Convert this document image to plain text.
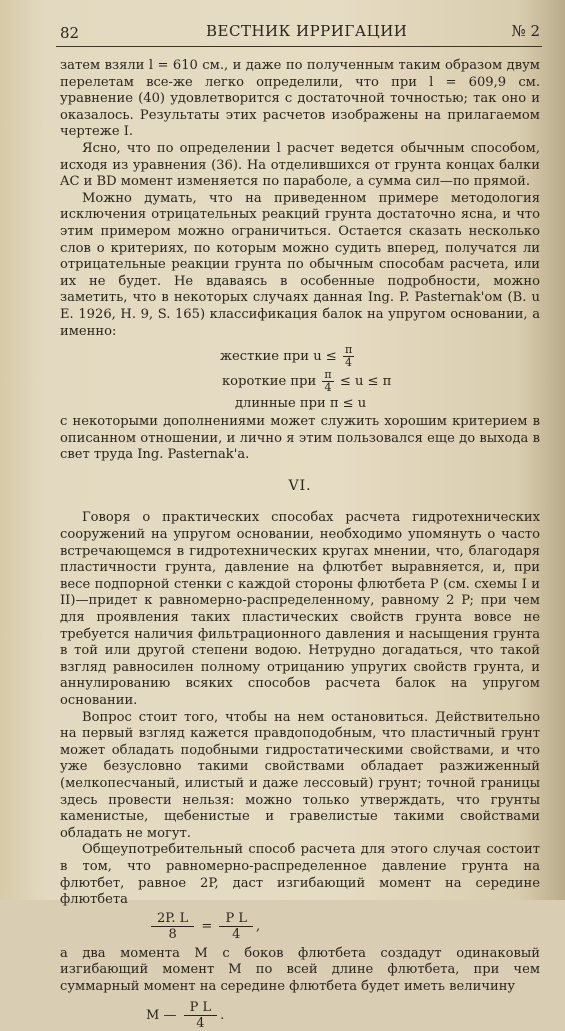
82	ВЕСТНИК ИРРИГАЦИИ	№ 2

затем взяли l = 610 см., и даже по полученным таким образом двум перелетам все-же легко определили, что при l = 609,9 см. уравнение (40) удовлетворится с достаточной точностью; так оно и оказалось. Результаты этих расчетов изображены на прилагаемом чертеже I.

Ясно, что по определении l расчет ведется обычным способом, исходя из уравнения (36). На отделившихся от грунта концах балки AC и BD момент изменяется по параболе, а сумма сил—по прямой.

Можно думать, что на приведенном примере методология исключения отрицательных реакций грунта достаточно ясна, и что этим примером можно ограничиться. Остается сказать несколько слов о критериях, по которым можно судить вперед, получатся ли отрицательные реакции грунта по обычным способам расчета, или их не будет. Не вдаваясь в особенные подробности, можно заметить, что в некоторых случаях данная Ing. P. Pasternak'ом (B. u E. 1926, H. 9, S. 165) классификация балок на упругом основании, а именно:

жесткие при $u \le \frac{\pi}{4}$
короткие при $\frac{\pi}{4} \le u \le \pi$
длинные при π ≤ u

с некоторыми дополнениями может служить хорошим критерием в описанном отношении, и лично я этим пользовался еще до выхода в свет труда Ing. Pasternak'a.

VI.

Говоря о практических способах расчета гидротехнических сооружений на упругом основании, необходимо упомянуть о часто встречающемся в гидротехнических кругах мнении, что, благодаря пластичности грунта, давление на флютбет выравняется, и, при весе подпорной стенки с каждой стороны флютбета P (см. схемы I и II)—придет к равномерно-распределенному, равному 2 P; при чем для проявления таких пластических свойств грунта вовсе не требуется наличия фильтрационного давления и насыщения грунта в той или другой степени водою. Нетрудно догадаться, что такой взгляд равносилен полному отрицанию упругих свойств грунта, и аннулированию всяких способов расчета балок на упругом основании.

Вопрос стоит того, чтобы на нем остановиться. Действительно на первый взгляд кажется правдоподобным, что пластичный грунт может обладать подобными гидростатическими свойствами, и что уже безусловно такими свойствами обладает разжиженный (мелкопесчаный, илистый и даже лессовый) грунт; точной границы здесь провести нельзя: можно только утверждать, что грунты каменистые, щебенистые и гравелистые такими свойствами обладать не могут.

Общеупотребительный способ расчета для этого случая состоит в том, что равномерно-распределенное давление грунта на флютбет, равное 2P, даст изгибающий момент на середине флютбета

$\frac{2P. L}{8} = \frac{\text{P L}}{4}$ ,

а два момента M с боков флютбета создадут одинаковый изгибающий момент M по всей длине флютбета, при чем суммарный момент на середине флютбета будет иметь величину

M — $\frac{\text{P L}}{4}$ .
